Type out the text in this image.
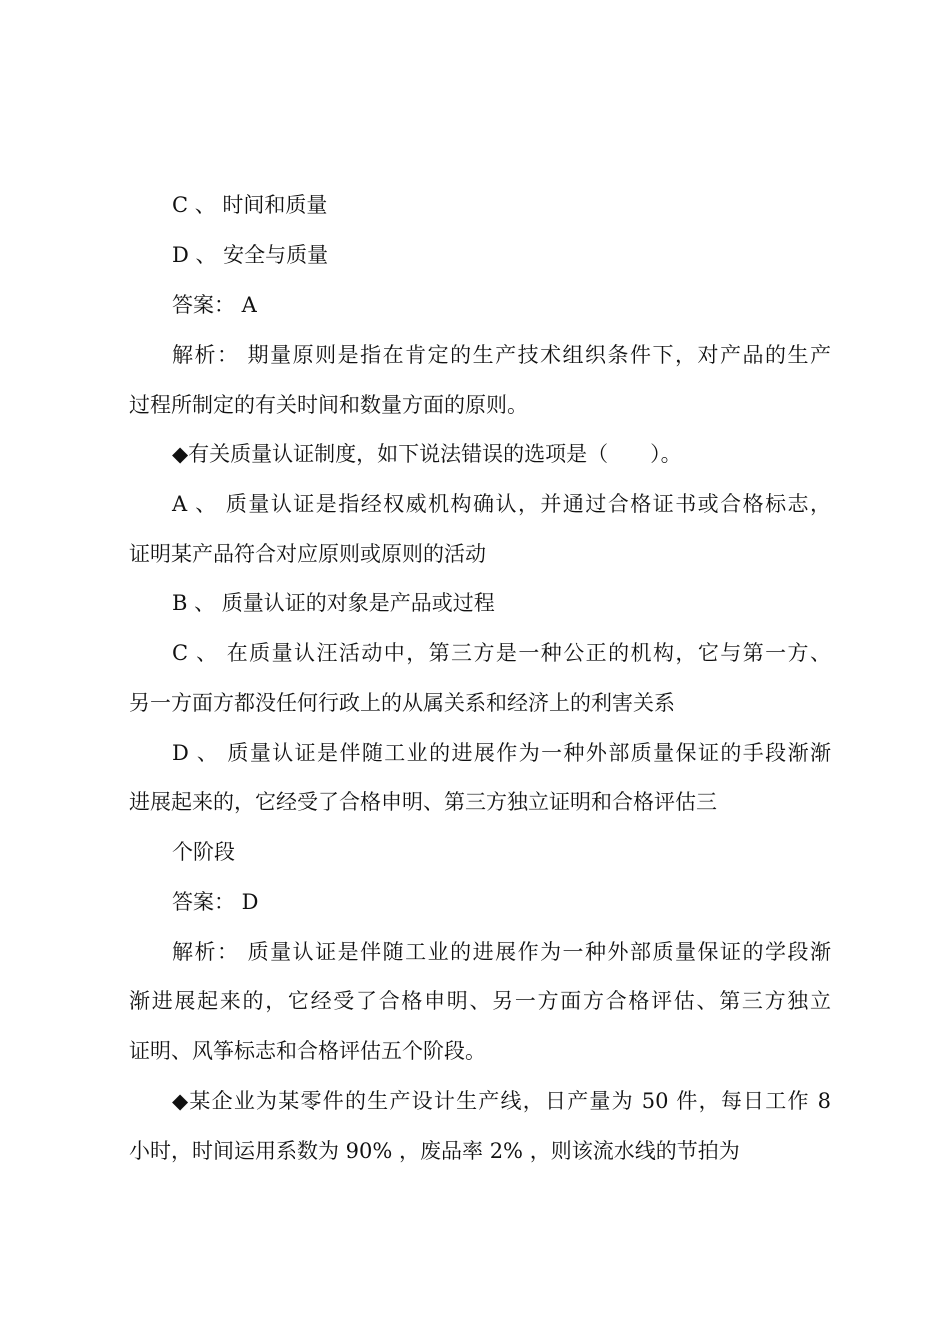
C 、 时间和质量
D 、 安全与质量
答案： A
解析： 期量原则是指在肯定的生产技术组织条件下，对产品的生产
过程所制定的有关时间和数量方面的原则。
◆有关质量认证制度，如下说法错误的选项是（　　）。
A 、 质量认证是指经权威机构确认，并通过合格证书或合格标志，
证明某产品符合对应原则或原则的活动
B 、 质量认证的对象是产品或过程
C 、 在质量认汪活动中，第三方是一种公正的机构，它与第一方、
另一方面方都没任何行政上的从属关系和经济上的利害关系
D 、 质量认证是伴随工业的进展作为一种外部质量保证的手段渐渐
进展起来的，它经受了合格申明、第三方独立证明和合格评估三
个阶段
答案： D
解析： 质量认证是伴随工业的进展作为一种外部质量保证的学段渐
渐进展起来的，它经受了合格申明、另一方面方合格评估、第三方独立
证明、风筝标志和合格评估五个阶段。
◆某企业为某零件的生产设计生产线，日产量为 50 件，每日工作 8
小时，时间运用系数为 90% ，废品率 2% ，则该流水线的节拍为
